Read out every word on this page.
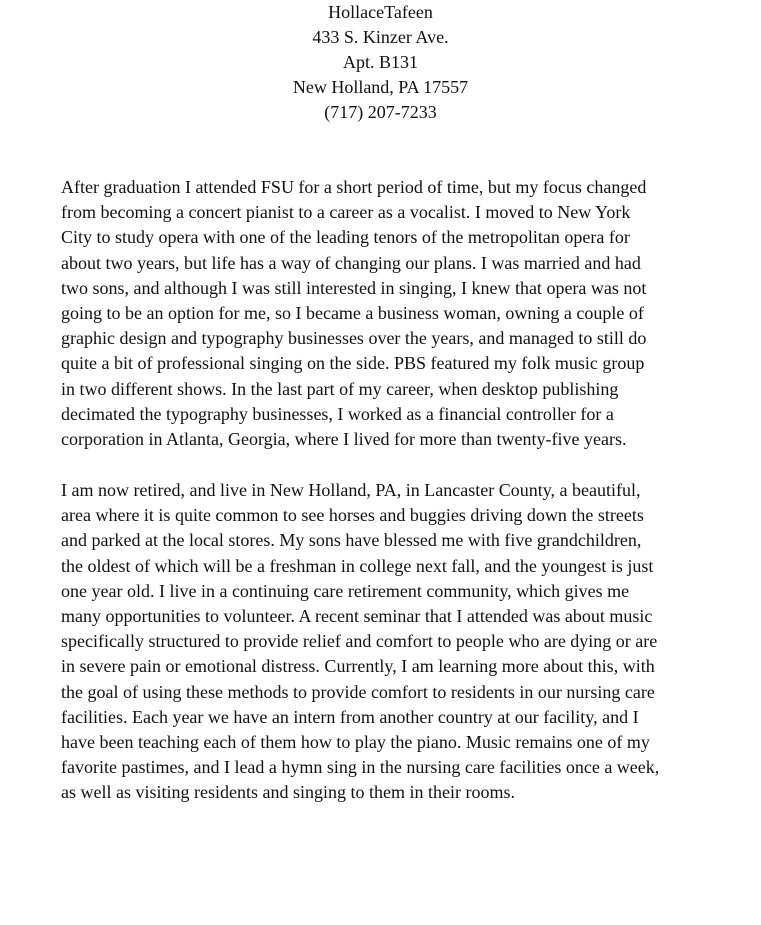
HollaceTafeen
433 S. Kinzer Ave.
Apt. B131
New Holland, PA 17557
(717) 207-7233

After graduation I attended FSU for a short period of time, but my focus changed
from becoming a concert pianist to a career as a vocalist. I moved to New York
City to study opera with one of the leading tenors of the metropolitan opera for
about two years, but life has a way of changing our plans. I was married and had
two sons, and although I was still interested in singing, I knew that opera was not
going to be an option for me, so I became a business woman, owning a couple of
graphic design and typography businesses over the years, and managed to still do
quite a bit of professional singing on the side. PBS featured my folk music group
in two different shows. In the last part of my career, when desktop publishing
decimated the typography businesses, I worked as a financial controller for a
corporation in Atlanta, Georgia, where I lived for more than twenty-five years.

I am now retired, and live in New Holland, PA, in Lancaster County, a beautiful,
area where it is quite common to see horses and buggies driving down the streets
and parked at the local stores. My sons have blessed me with five grandchildren,
the oldest of which will be a freshman in college next fall, and the youngest is just
one year old. I live in a continuing care retirement community, which gives me
many opportunities to volunteer. A recent seminar that I attended was about music
specifically structured to provide relief and comfort to people who are dying or are
in severe pain or emotional distress. Currently, I am learning more about this, with
the goal of using these methods to provide comfort to residents in our nursing care
facilities. Each year we have an intern from another country at our facility, and I
have been teaching each of them how to play the piano. Music remains one of my
favorite pastimes, and I lead a hymn sing in the nursing care facilities once a week,
as well as visiting residents and singing to them in their rooms.
